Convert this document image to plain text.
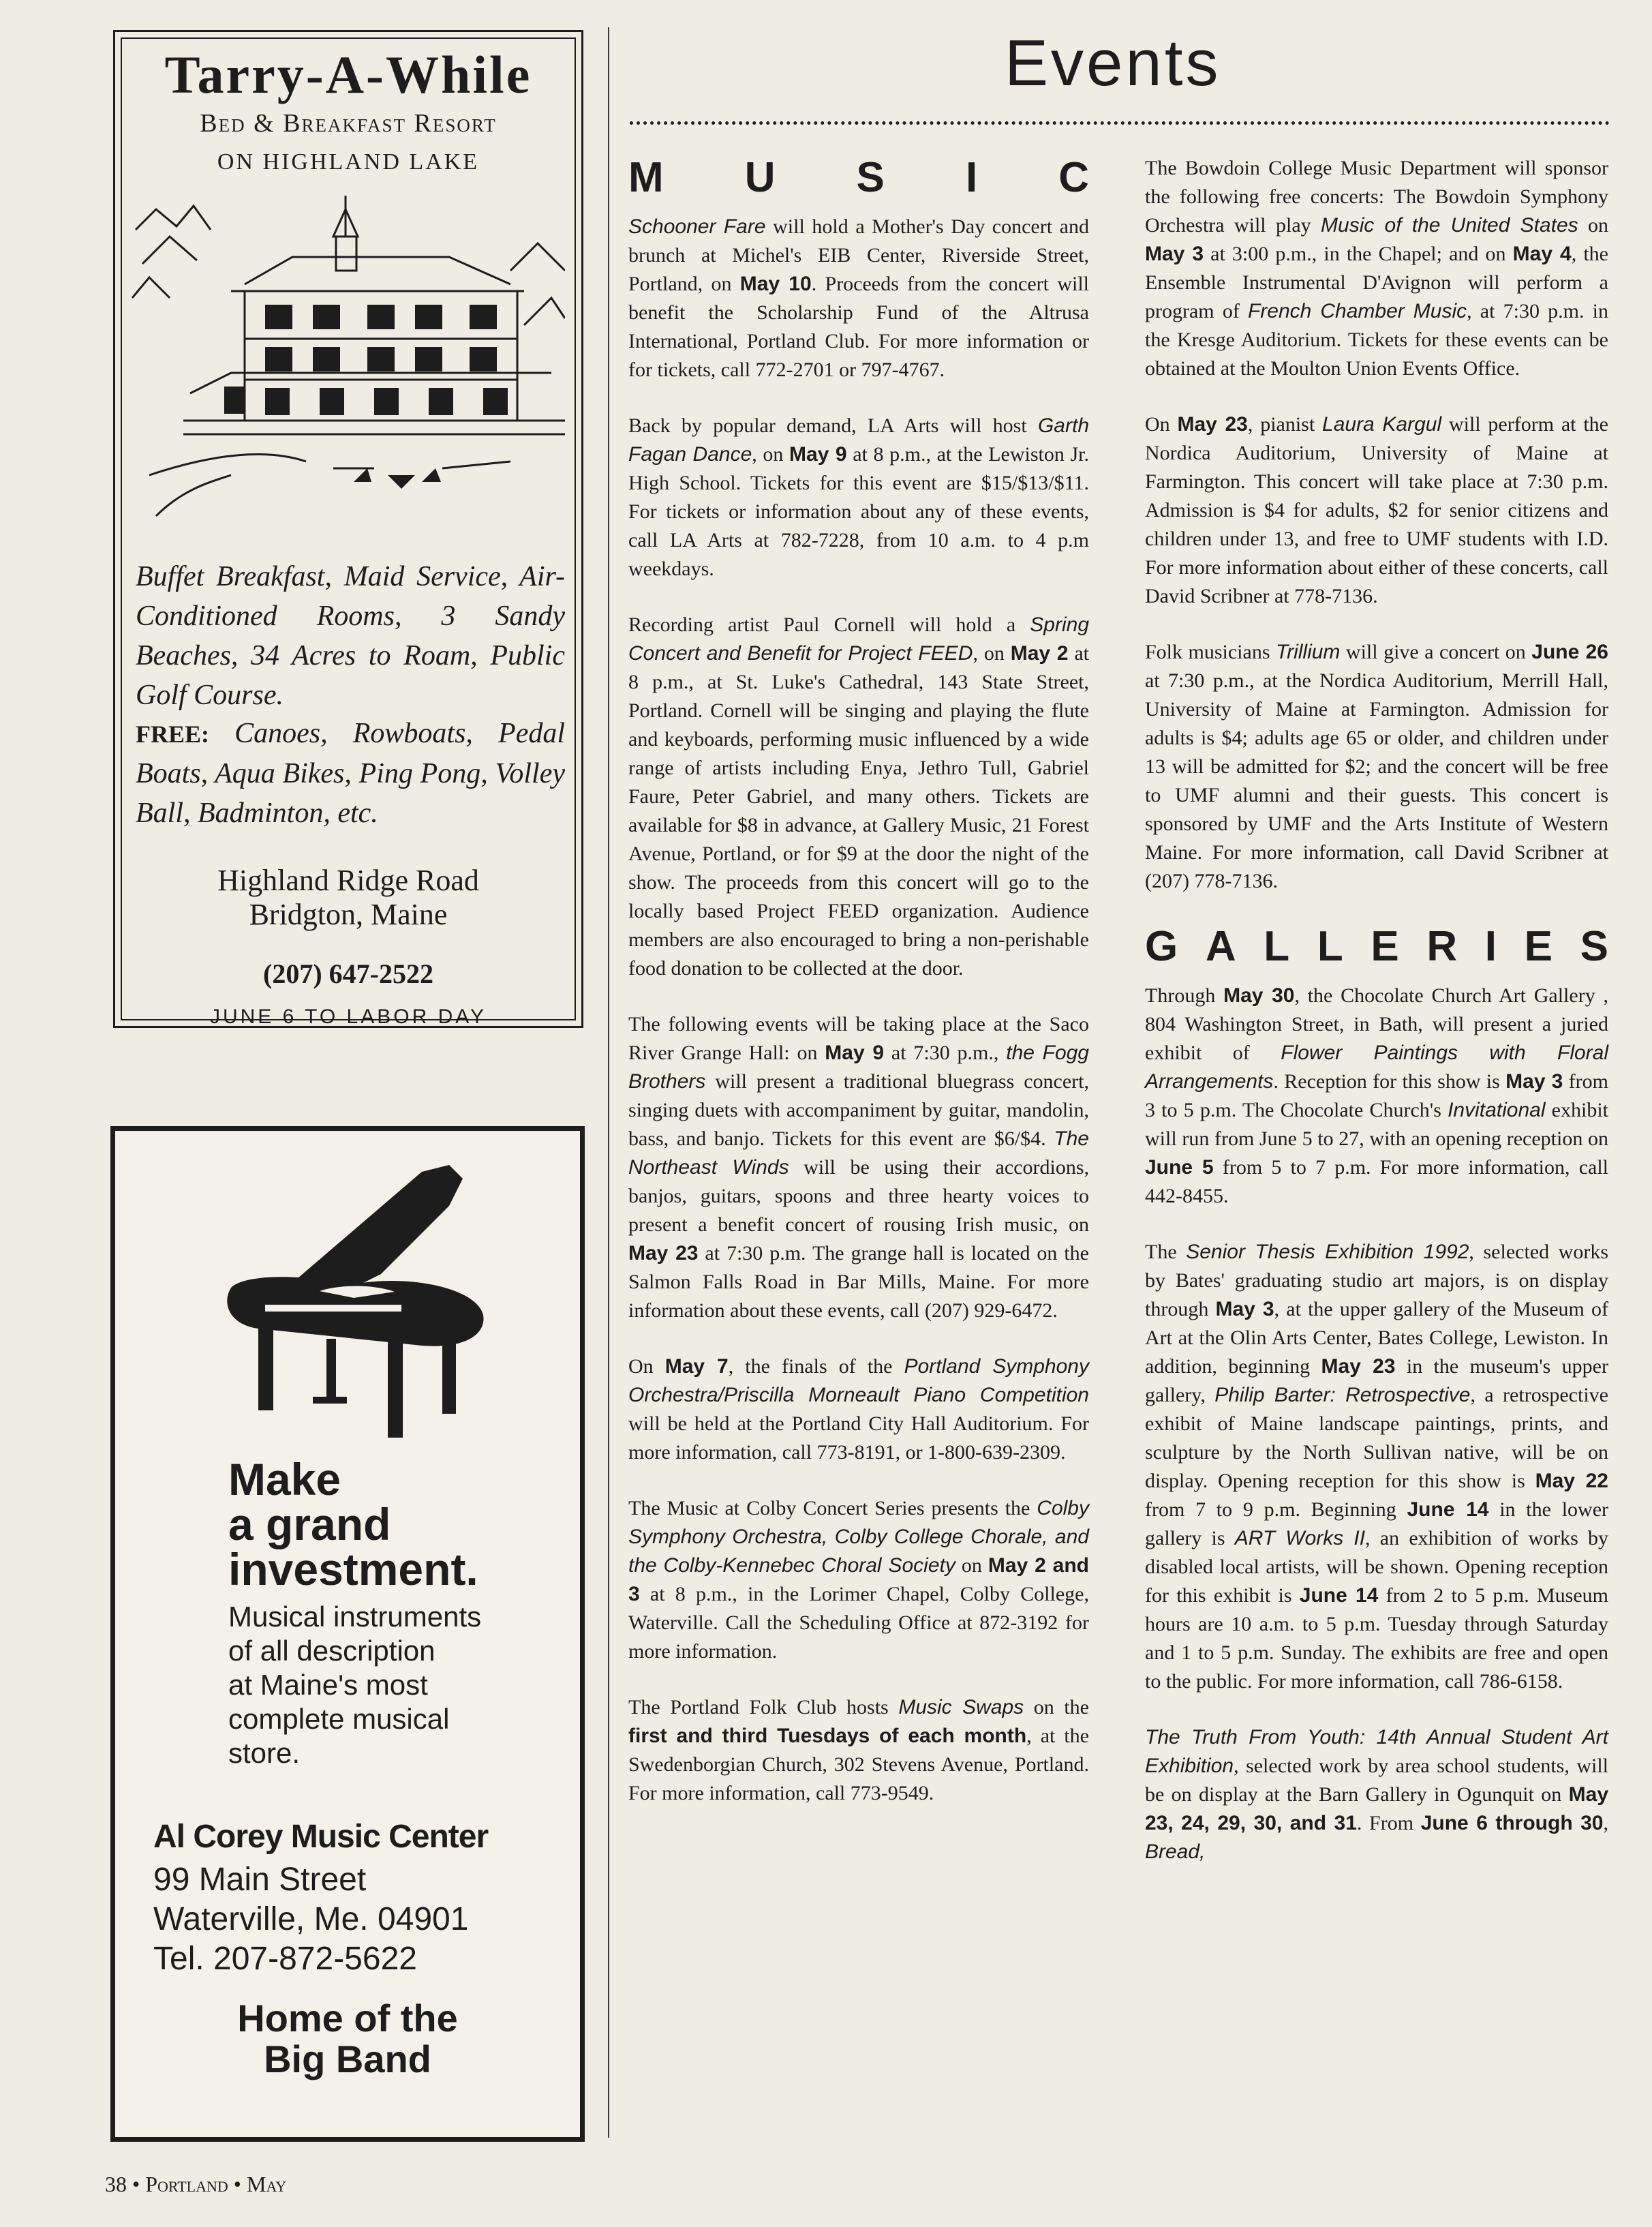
Tarry-A-While
Bed & Breakfast Resort
ON HIGHLAND LAKE
Buffet Breakfast, Maid Service, Air-Conditioned Rooms, 3 Sandy Beaches, 34 Acres to Roam, Public Golf Course.
FREE: Canoes, Rowboats, Pedal Boats, Aqua Bikes, Ping Pong, Volley Ball, Badminton, etc.
Highland Ridge Road
Bridgton, Maine
(207) 647-2522
JUNE 6 TO LABOR DAY
Make
a grand
investment.
Musical instruments
of all description
at Maine's most
complete musical
store.
Al Corey Music Center
99 Main Street
Waterville, Me. 04901
Tel. 207-872-5622
Home of the
Big Band
Events
M U S I C

Schooner Fare will hold a Mother's Day concert and brunch at Michel's EIB Center, Riverside Street, Portland, on May 10. Proceeds from the concert will benefit the Scholarship Fund of the Altrusa International, Portland Club. For more information or for tickets, call 772-2701 or 797-4767.

Back by popular demand, LA Arts will host Garth Fagan Dance, on May 9 at 8 p.m., at the Lewiston Jr. High School. Tickets for this event are $15/$13/$11. For tickets or information about any of these events, call LA Arts at 782-7228, from 10 a.m. to 4 p.m weekdays.

Recording artist Paul Cornell will hold a Spring Concert and Benefit for Project FEED, on May 2 at 8 p.m., at St. Luke's Cathedral, 143 State Street, Portland. Cornell will be singing and playing the flute and keyboards, performing music influenced by a wide range of artists including Enya, Jethro Tull, Gabriel Faure, Peter Gabriel, and many others. Tickets are available for $8 in advance, at Gallery Music, 21 Forest Avenue, Portland, or for $9 at the door the night of the show. The proceeds from this concert will go to the locally based Project FEED organization. Audience members are also encouraged to bring a non-perishable food donation to be collected at the door.

The following events will be taking place at the Saco River Grange Hall: on May 9 at 7:30 p.m., the Fogg Brothers will present a traditional bluegrass concert, singing duets with accompaniment by guitar, mandolin, bass, and banjo. Tickets for this event are $6/$4. The Northeast Winds will be using their accordions, banjos, guitars, spoons and three hearty voices to present a benefit concert of rousing Irish music, on May 23 at 7:30 p.m. The grange hall is located on the Salmon Falls Road in Bar Mills, Maine. For more information about these events, call (207) 929-6472.

On May 7, the finals of the Portland Symphony Orchestra/Priscilla Morneault Piano Competition will be held at the Portland City Hall Auditorium. For more information, call 773-8191, or 1-800-639-2309.

The Music at Colby Concert Series presents the Colby Symphony Orchestra, Colby College Chorale, and the Colby-Kennebec Choral Society on May 2 and 3 at 8 p.m., in the Lorimer Chapel, Colby College, Waterville. Call the Scheduling Office at 872-3192 for more information.

The Portland Folk Club hosts Music Swaps on the first and third Tuesdays of each month, at the Swedenborgian Church, 302 Stevens Avenue, Portland. For more information, call 773-9549.

The Bowdoin College Music Department will sponsor the following free concerts: The Bowdoin Symphony Orchestra will play Music of the United States on May 3 at 3:00 p.m., in the Chapel; and on May 4, the Ensemble Instrumental D'Avignon will perform a program of French Chamber Music, at 7:30 p.m. in the Kresge Auditorium. Tickets for these events can be obtained at the Moulton Union Events Office.

On May 23, pianist Laura Kargul will perform at the Nordica Auditorium, University of Maine at Farmington. This concert will take place at 7:30 p.m. Admission is $4 for adults, $2 for senior citizens and children under 13, and free to UMF students with I.D. For more information about either of these concerts, call David Scribner at 778-7136.

Folk musicians Trillium will give a concert on June 26 at 7:30 p.m., at the Nordica Auditorium, Merrill Hall, University of Maine at Farmington. Admission for adults is $4; adults age 65 or older, and children under 13 will be admitted for $2; and the concert will be free to UMF alumni and their guests. This concert is sponsored by UMF and the Arts Institute of Western Maine. For more information, call David Scribner at (207) 778-7136.

G A L L E R I E S

Through May 30, the Chocolate Church Art Gallery , 804 Washington Street, in Bath, will present a juried exhibit of Flower Paintings with Floral Arrangements. Reception for this show is May 3 from 3 to 5 p.m. The Chocolate Church's Invitational exhibit will run from June 5 to 27, with an opening reception on June 5 from 5 to 7 p.m. For more information, call 442-8455.

The Senior Thesis Exhibition 1992, selected works by Bates' graduating studio art majors, is on display through May 3, at the upper gallery of the Museum of Art at the Olin Arts Center, Bates College, Lewiston. In addition, beginning May 23 in the museum's upper gallery, Philip Barter: Retrospective, a retrospective exhibit of Maine landscape paintings, prints, and sculpture by the North Sullivan native, will be on display. Opening reception for this show is May 22 from 7 to 9 p.m. Beginning June 14 in the lower gallery is ART Works II, an exhibition of works by disabled local artists, will be shown. Opening reception for this exhibit is June 14 from 2 to 5 p.m. Museum hours are 10 a.m. to 5 p.m. Tuesday through Saturday and 1 to 5 p.m. Sunday. The exhibits are free and open to the public. For more information, call 786-6158.

The Truth From Youth: 14th Annual Student Art Exhibition, selected work by area school students, will be on display at the Barn Gallery in Ogunquit on May 23, 24, 29, 30, and 31. From June 6 through 30, Bread,

38 • Portland • May
